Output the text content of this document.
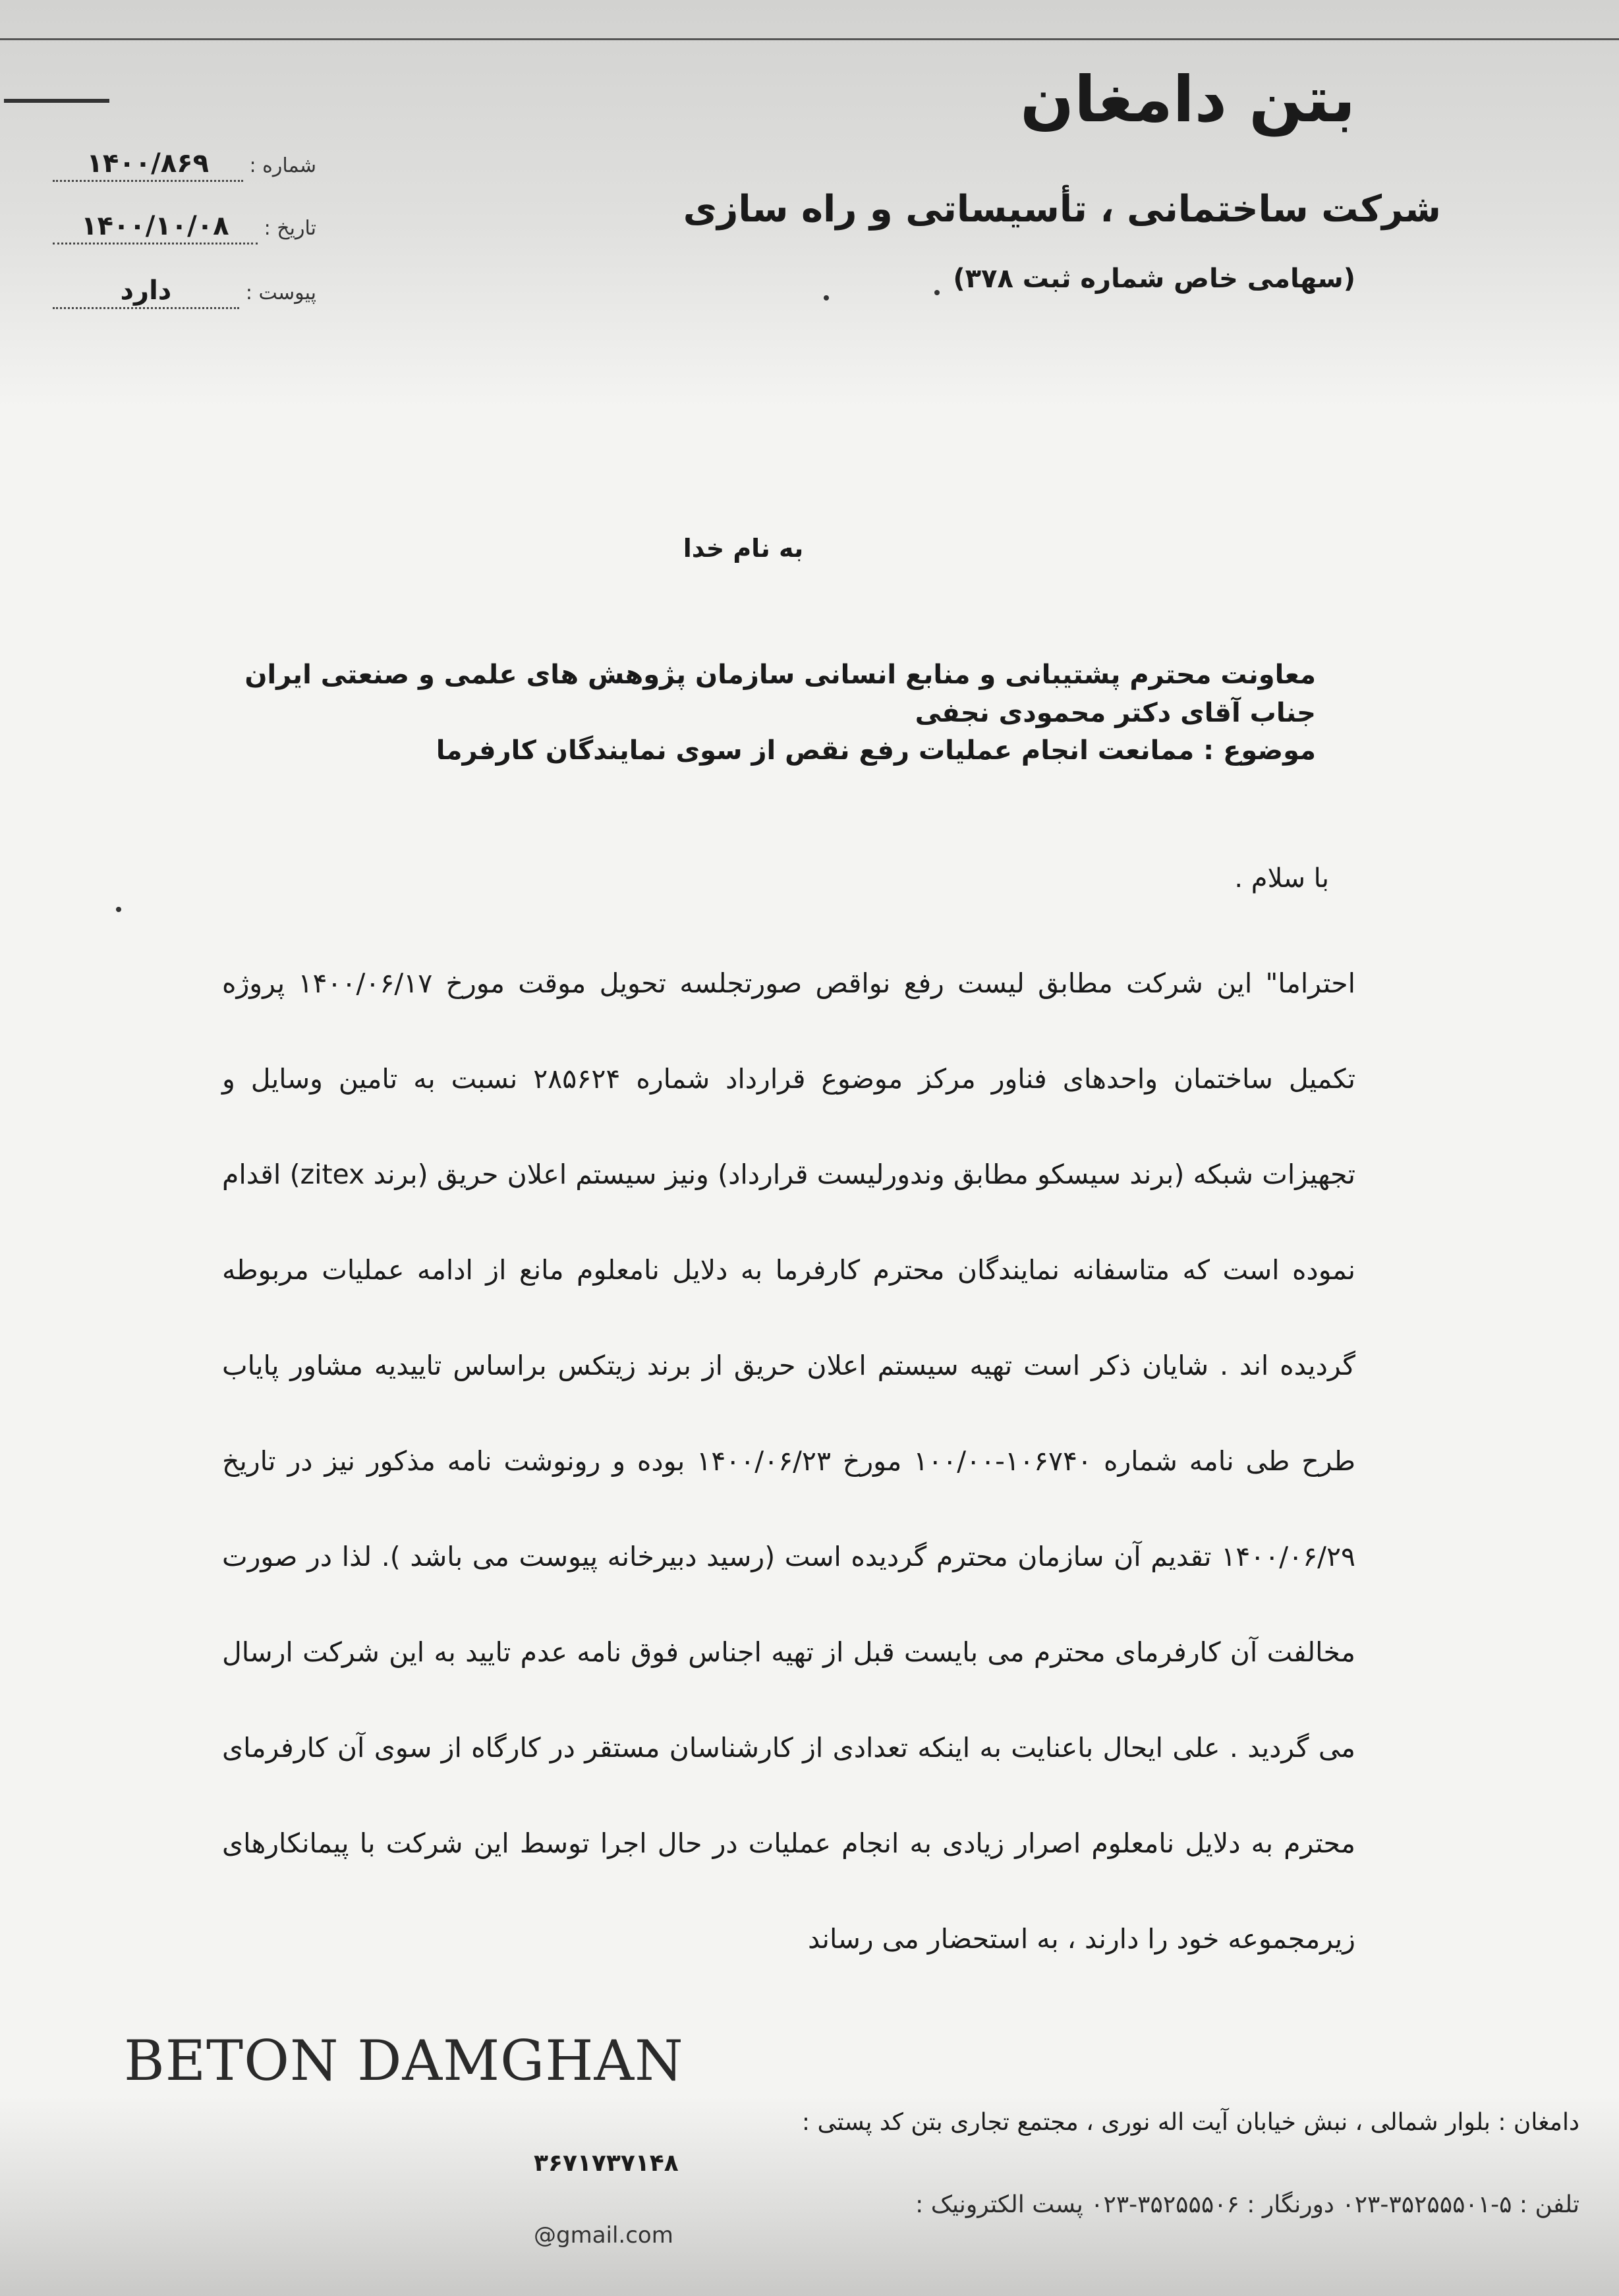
بتن دامغان
شرکت ساختمانی ، تأسیساتی و راه سازی
(سهامی خاص شماره ثبت ۳۷۸)
شماره :
۱۴۰۰/۸۶۹
تاریخ :
۱۴۰۰/۱۰/۰۸
پیوست :
دارد
به نام خدا
معاونت محترم پشتیبانی و منابع انسانی سازمان پژوهش های علمی و صنعتی ایران
جناب آقای دکتر محمودی نجفی
موضوع : ممانعت انجام عملیات رفع نقص از سوی نمایندگان کارفرما
با سلام .
احتراما" این شرکت مطابق لیست رفع نواقص صورتجلسه تحویل موقت مورخ ۱۴۰۰/۰۶/۱۷ پروژه تکمیل ساختمان واحدهای فناور مرکز موضوع قرارداد شماره ۲۸۵۶۲۴ نسبت به تامین وسایل و تجهیزات شبکه (برند سیسکو مطابق وندورلیست قرارداد) ونیز سیستم اعلان حریق (برند zitex) اقدام نموده است که متاسفانه نمایندگان محترم کارفرما به دلایل نامعلوم مانع از ادامه عملیات مربوطه گردیده اند . شایان ذکر است تهیه سیستم اعلان حریق از برند زیتکس براساس تاییدیه مشاور پایاب طرح طی نامه شماره ۱۰۶۷۴۰-۱۰۰/۰۰ مورخ ۱۴۰۰/۰۶/۲۳ بوده و رونوشت نامه مذکور نیز در تاریخ ۱۴۰۰/۰۶/۲۹ تقدیم آن سازمان محترم گردیده است (رسید دبیرخانه پیوست می باشد ). لذا در صورت مخالفت آن کارفرمای محترم می بایست قبل از تهیه اجناس فوق نامه عدم تایید به این شرکت ارسال می گردید . علی ایحال باعنایت به اینکه تعدادی از کارشناسان مستقر در کارگاه از سوی آن کارفرمای محترم به دلایل نامعلوم اصرار زیادی به انجام عملیات در حال اجرا توسط این شرکت با پیمانکارهای زیرمجموعه خود را دارند ، به استحضار می رساند
BETON DAMGHAN
دامغان : بلوار شمالی ، نبش خیابان آیت اله نوری ، مجتمع تجاری بتن کد پستی :
۳۶۷۱۷۳۷۱۴۸
تلفن : ۵-۳۵۲۵۵۵۰۱-۰۲۳ دورنگار : ۳۵۲۵۵۵۰۶-۰۲۳ پست الکترونیک :
@gmail.com
